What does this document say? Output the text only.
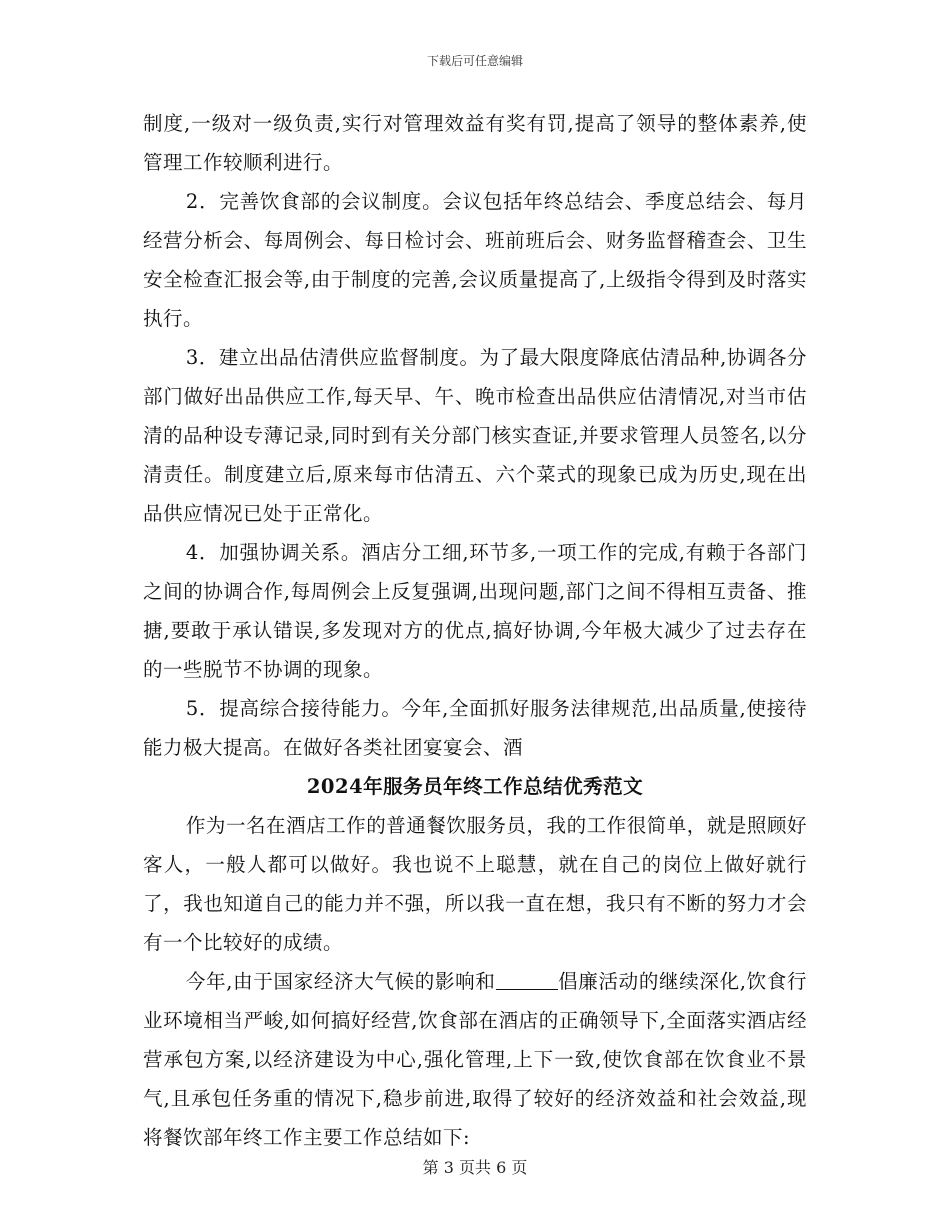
下载后可任意编辑

制度,一级对一级负责,实行对管理效益有奖有罚,提高了领导的整体素养,使管理工作较顺利进行。

2．完善饮食部的会议制度。会议包括年终总结会、季度总结会、每月经营分析会、每周例会、每日检讨会、班前班后会、财务监督稽查会、卫生安全检查汇报会等,由于制度的完善,会议质量提高了,上级指令得到及时落实执行。

3．建立出品估清供应监督制度。为了最大限度降底估清品种,协调各分部门做好出品供应工作,每天早、午、晚市检查出品供应估清情况,对当市估清的品种设专薄记录,同时到有关分部门核实查证,并要求管理人员签名,以分清责任。制度建立后,原来每市估清五、六个菜式的现象已成为历史,现在出品供应情况已处于正常化。

4．加强协调关系。酒店分工细,环节多,一项工作的完成,有赖于各部门之间的协调合作,每周例会上反复强调,出现问题,部门之间不得相互责备、推搪,要敢于承认错误,多发现对方的优点,搞好协调,今年极大减少了过去存在的一些脱节不协调的现象。

5．提高综合接待能力。今年,全面抓好服务法律规范,出品质量,使接待能力极大提高。在做好各类社团宴宴会、酒

2024年服务员年终工作总结优秀范文

作为一名在酒店工作的普通餐饮服务员，我的工作很简单，就是照顾好客人，一般人都可以做好。我也说不上聪慧，就在自己的岗位上做好就行了，我也知道自己的能力并不强，所以我一直在想，我只有不断的努力才会有一个比较好的成绩。

今年,由于国家经济大气候的影响和	倡廉活动的继续深化,饮食行业环境相当严峻,如何搞好经营,饮食部在酒店的正确领导下,全面落实酒店经营承包方案,以经济建设为中心,强化管理,上下一致,使饮食部在饮食业不景气,且承包任务重的情况下,稳步前进,取得了较好的经济效益和社会效益,现将餐饮部年终工作主要工作总结如下:

第 3 页共 6 页
